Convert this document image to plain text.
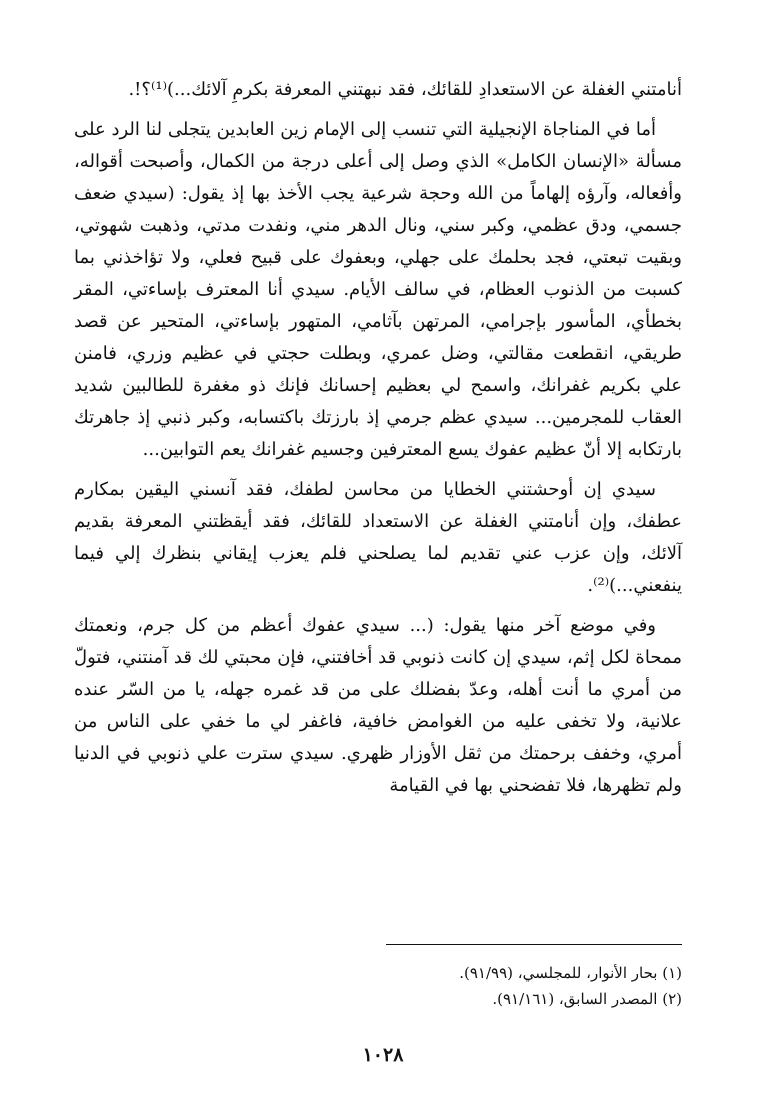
أنامتني الغفلة عن الاستعدادِ للقائك، فقد نبهتني المعرفة بكرمِ آلائك...)⁽¹⁾؟!.

أما في المناجاة الإنجيلية التي تنسب إلى الإمام زين العابدين يتجلى لنا الرد على مسألة «الإنسان الكامل» الذي وصل إلى أعلى درجة من الكمال، وأصبحت أقواله، وأفعاله، وآرؤه إلهاماً من الله وحجة شرعية يجب الأخذ بها إذ يقول: (سيدي ضعف جسمي، ودق عظمي، وكبر سني، ونال الدهر مني، ونفدت مدتي، وذهبت شهوتي، وبقيت تبعتي، فجد بحلمك على جهلي، وبعفوك على قبيح فعلي، ولا تؤاخذني بما كسبت من الذنوب العظام، في سالف الأيام. سيدي أنا المعترف بإساءتي، المقر بخطأي، المأسور بإجرامي، المرتهن بآثامي، المتهور بإساءتي، المتحير عن قصد طريقي، انقطعت مقالتي، وضل عمري، وبطلت حجتي في عظيم وزري، فامنن علي بكريم غفرانك، واسمح لي بعظيم إحسانك فإنك ذو مغفرة للطالبين شديد العقاب للمجرمين... سيدي عظم جرمي إذ بارزتك باكتسابه، وكبر ذنبي إذ جاهرتك بارتكابه إلا أنّ عظيم عفوك يسع المعترفين وجسيم غفرانك يعم التوابين...

سيدي إن أوحشتني الخطايا من محاسن لطفك، فقد آنسني اليقين بمكارم عطفك، وإن أنامتني الغفلة عن الاستعداد للقائك، فقد أيقظتني المعرفة بقديم آلائك، وإن عزب عني تقديم لما يصلحني فلم يعزب إيقاني بنظرك إلي فيما ينفعني...)⁽²⁾.

وفي موضع آخر منها يقول: (... سيدي عفوك أعظم من كل جرم، ونعمتك ممحاة لكل إثم، سيدي إن كانت ذنوبي قد أخافتني، فإن محبتي لك قد آمنتني، فتولّ من أمري ما أنت أهله، وعدّ بفضلك على من قد غمره جهله، يا من السّر عنده علانية، ولا تخفى عليه من الغوامض خافية، فاغفر لي ما خفي على الناس من أمري، وخفف برحمتك من ثقل الأوزار ظهري. سيدي سترت علي ذنوبي في الدنيا ولم تظهرها، فلا تفضحني بها في القيامة

(١) بحار الأنوار، للمجلسي، (٩١/٩٩).
(٢) المصدر السابق، (٩١/١٦١).
١٠٢٨
